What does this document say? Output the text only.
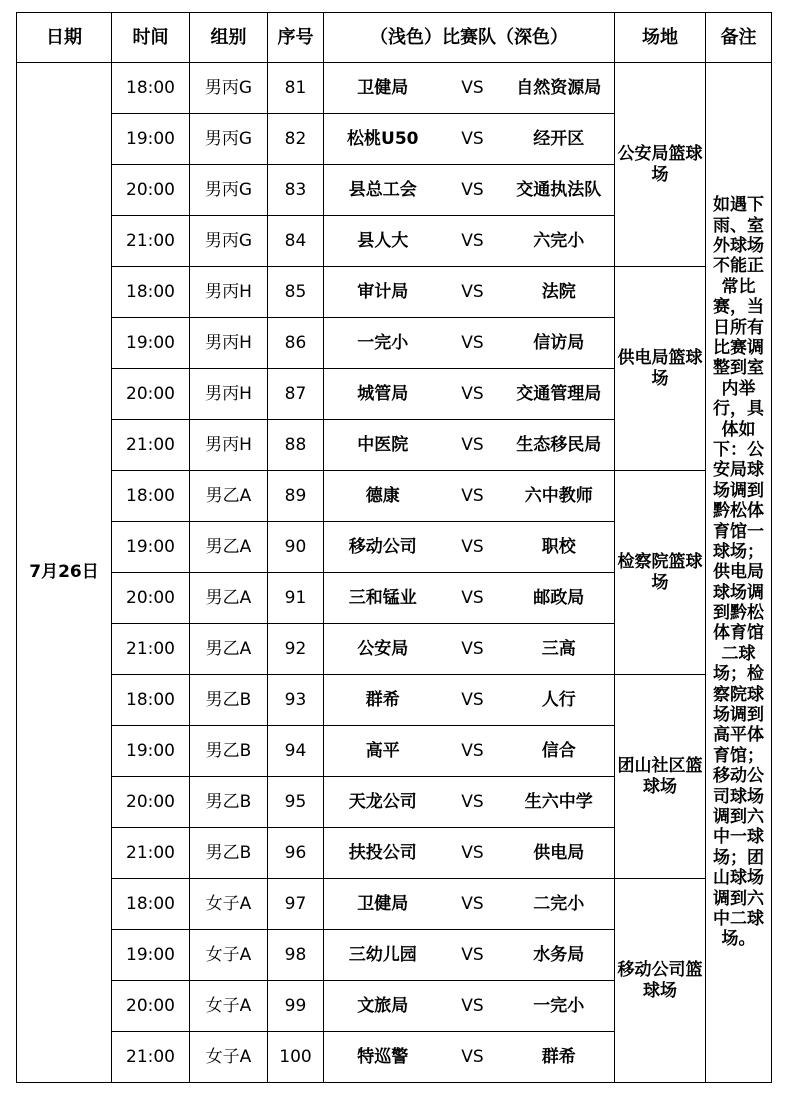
日期	时间	组别	序号	（浅色）比赛队（深色）			场地	备注
7月26日	18:00	男丙G	81	卫健局	VS	自然资源局	公安局篮球场	如遇下雨、室外球场不能正常比赛，当日所有比赛调整到室内举行，具体如下：公安局球场调到黔松体育馆一球场；供电局球场调到黔松体育馆二球场；检察院球场调到高平体育馆；移动公司球场调到六中一球场；团山球场调到六中二球场。
	19:00	男丙G	82	松桃U50	VS	经开区		
	20:00	男丙G	83	县总工会	VS	交通执法队		
	21:00	男丙G	84	县人大	VS	六完小		
	18:00	男丙H	85	审计局	VS	法院	供电局篮球场	
	19:00	男丙H	86	一完小	VS	信访局		
	20:00	男丙H	87	城管局	VS	交通管理局		
	21:00	男丙H	88	中医院	VS	生态移民局		
	18:00	男乙A	89	德康	VS	六中教师	检察院篮球场	
	19:00	男乙A	90	移动公司	VS	职校		
	20:00	男乙A	91	三和锰业	VS	邮政局		
	21:00	男乙A	92	公安局	VS	三高		
	18:00	男乙B	93	群希	VS	人行	团山社区篮球场	
	19:00	男乙B	94	高平	VS	信合		
	20:00	男乙B	95	天龙公司	VS	生六中学		
	21:00	男乙B	96	扶投公司	VS	供电局		
	18:00	女子A	97	卫健局	VS	二完小	移动公司篮球场	
	19:00	女子A	98	三幼儿园	VS	水务局		
	20:00	女子A	99	文旅局	VS	一完小		
	21:00	女子A	100	特巡警	VS	群希		
